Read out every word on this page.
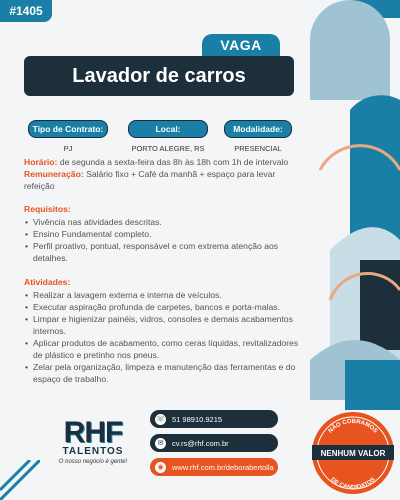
#1405
VAGA
Lavador de carros
Tipo de Contrato:
PJ
Local:
PORTO ALEGRE, RS
Modalidade:
PRESENCIAL

Horário: de segunda a sexta-feira das 8h às 18h com 1h de intervalo

Remuneração: Salário fixo + Café da manhã + espaço para levar refeição

Requisitos:
• Vivência nas atividades descritas.
• Ensino Fundamental completo.
• Perfil proativo, pontual, responsável e com extrema atenção aos detalhes.
Atividades:
• Realizar a lavagem externa e interna de veículos.
• Executar aspiração profunda de carpetes, bancos e porta-malas.
• Limpar e higienizar painéis, vidros, consoles e demais acabamentos internos.
• Aplicar produtos de acabamento, como ceras líquidas, revitalizadores de plástico e pretinho nos pneus.
• Zelar pela organização, limpeza e manutenção das ferramentas e do espaço de trabalho.
RHF
TALENTOS
O nosso negócio é gente!
☏ 51 98910.9215
✉	cv.rs@rhf.com.br
◉	www.rhf.com.br/deborabertolla
NÃO COBRAMOS
NENHUM VALOR
DE CANDIDATOS
